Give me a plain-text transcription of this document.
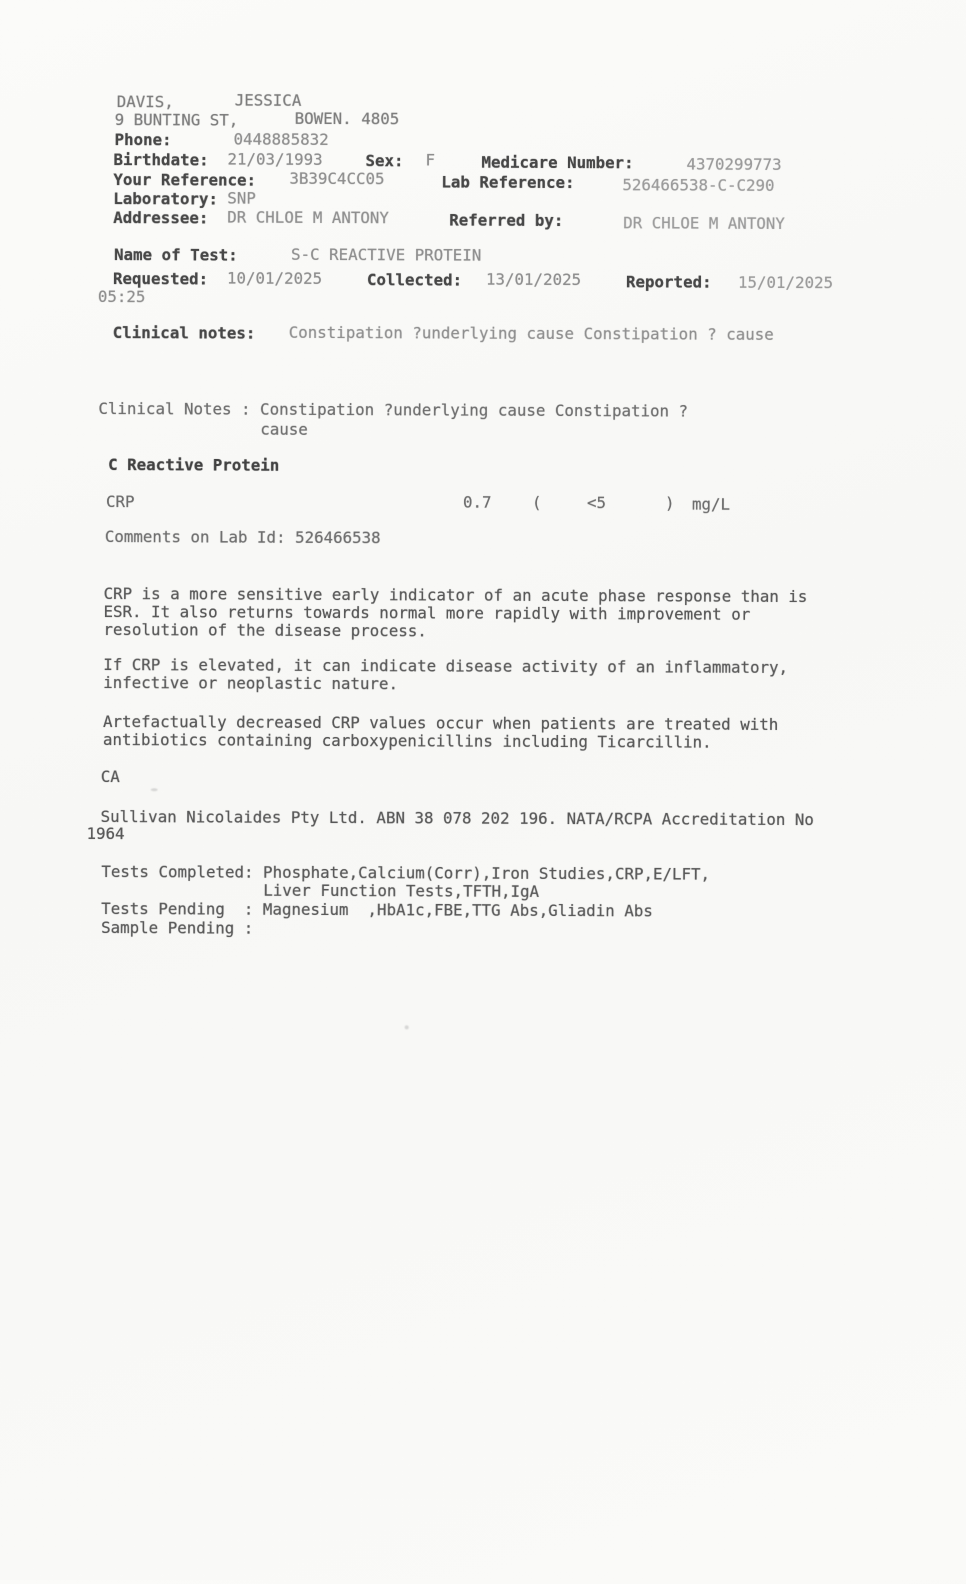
DAVIS,	JESSICA
9 BUNTING ST,	BOWEN. 4805
Phone:	0448885832
Birthdate: 21/03/1993	Sex: F	Medicare Number:	4370299773
Your Reference: 3B39C4CC05	Lab Reference:	526466538-C-C290
Laboratory: SNP
Addressee: DR CHLOE M ANTONY	Referred by:	DR CHLOE M ANTONY
Name of Test:	S-C REACTIVE PROTEIN
Requested: 10/01/2025	Collected: 13/01/2025	Reported: 15/01/2025
05:25
Clinical notes: Constipation ?underlying cause Constipation ? cause
Clinical Notes : Constipation ?underlying cause Constipation ?
cause
C Reactive Protein
CRP	0.7	(	<5	) mg/L
Comments on Lab Id: 526466538
CRP is a more sensitive early indicator of an acute phase response than is
ESR. It also returns towards normal more rapidly with improvement or
resolution of the disease process.
If CRP is elevated, it can indicate disease activity of an inflammatory,
infective or neoplastic nature.
Artefactually decreased CRP values occur when patients are treated with
antibiotics containing carboxypenicillins including Ticarcillin.
CA
Sullivan Nicolaides Pty Ltd. ABN 38 078 202 196. NATA/RCPA Accreditation No
1964
Tests Completed: Phosphate,Calcium(Corr),Iron Studies,CRP,E/LFT,
Liver Function Tests,TFTH,IgA
Tests Pending  : Magnesium  ,HbA1c,FBE,TTG Abs,Gliadin Abs
Sample Pending :
